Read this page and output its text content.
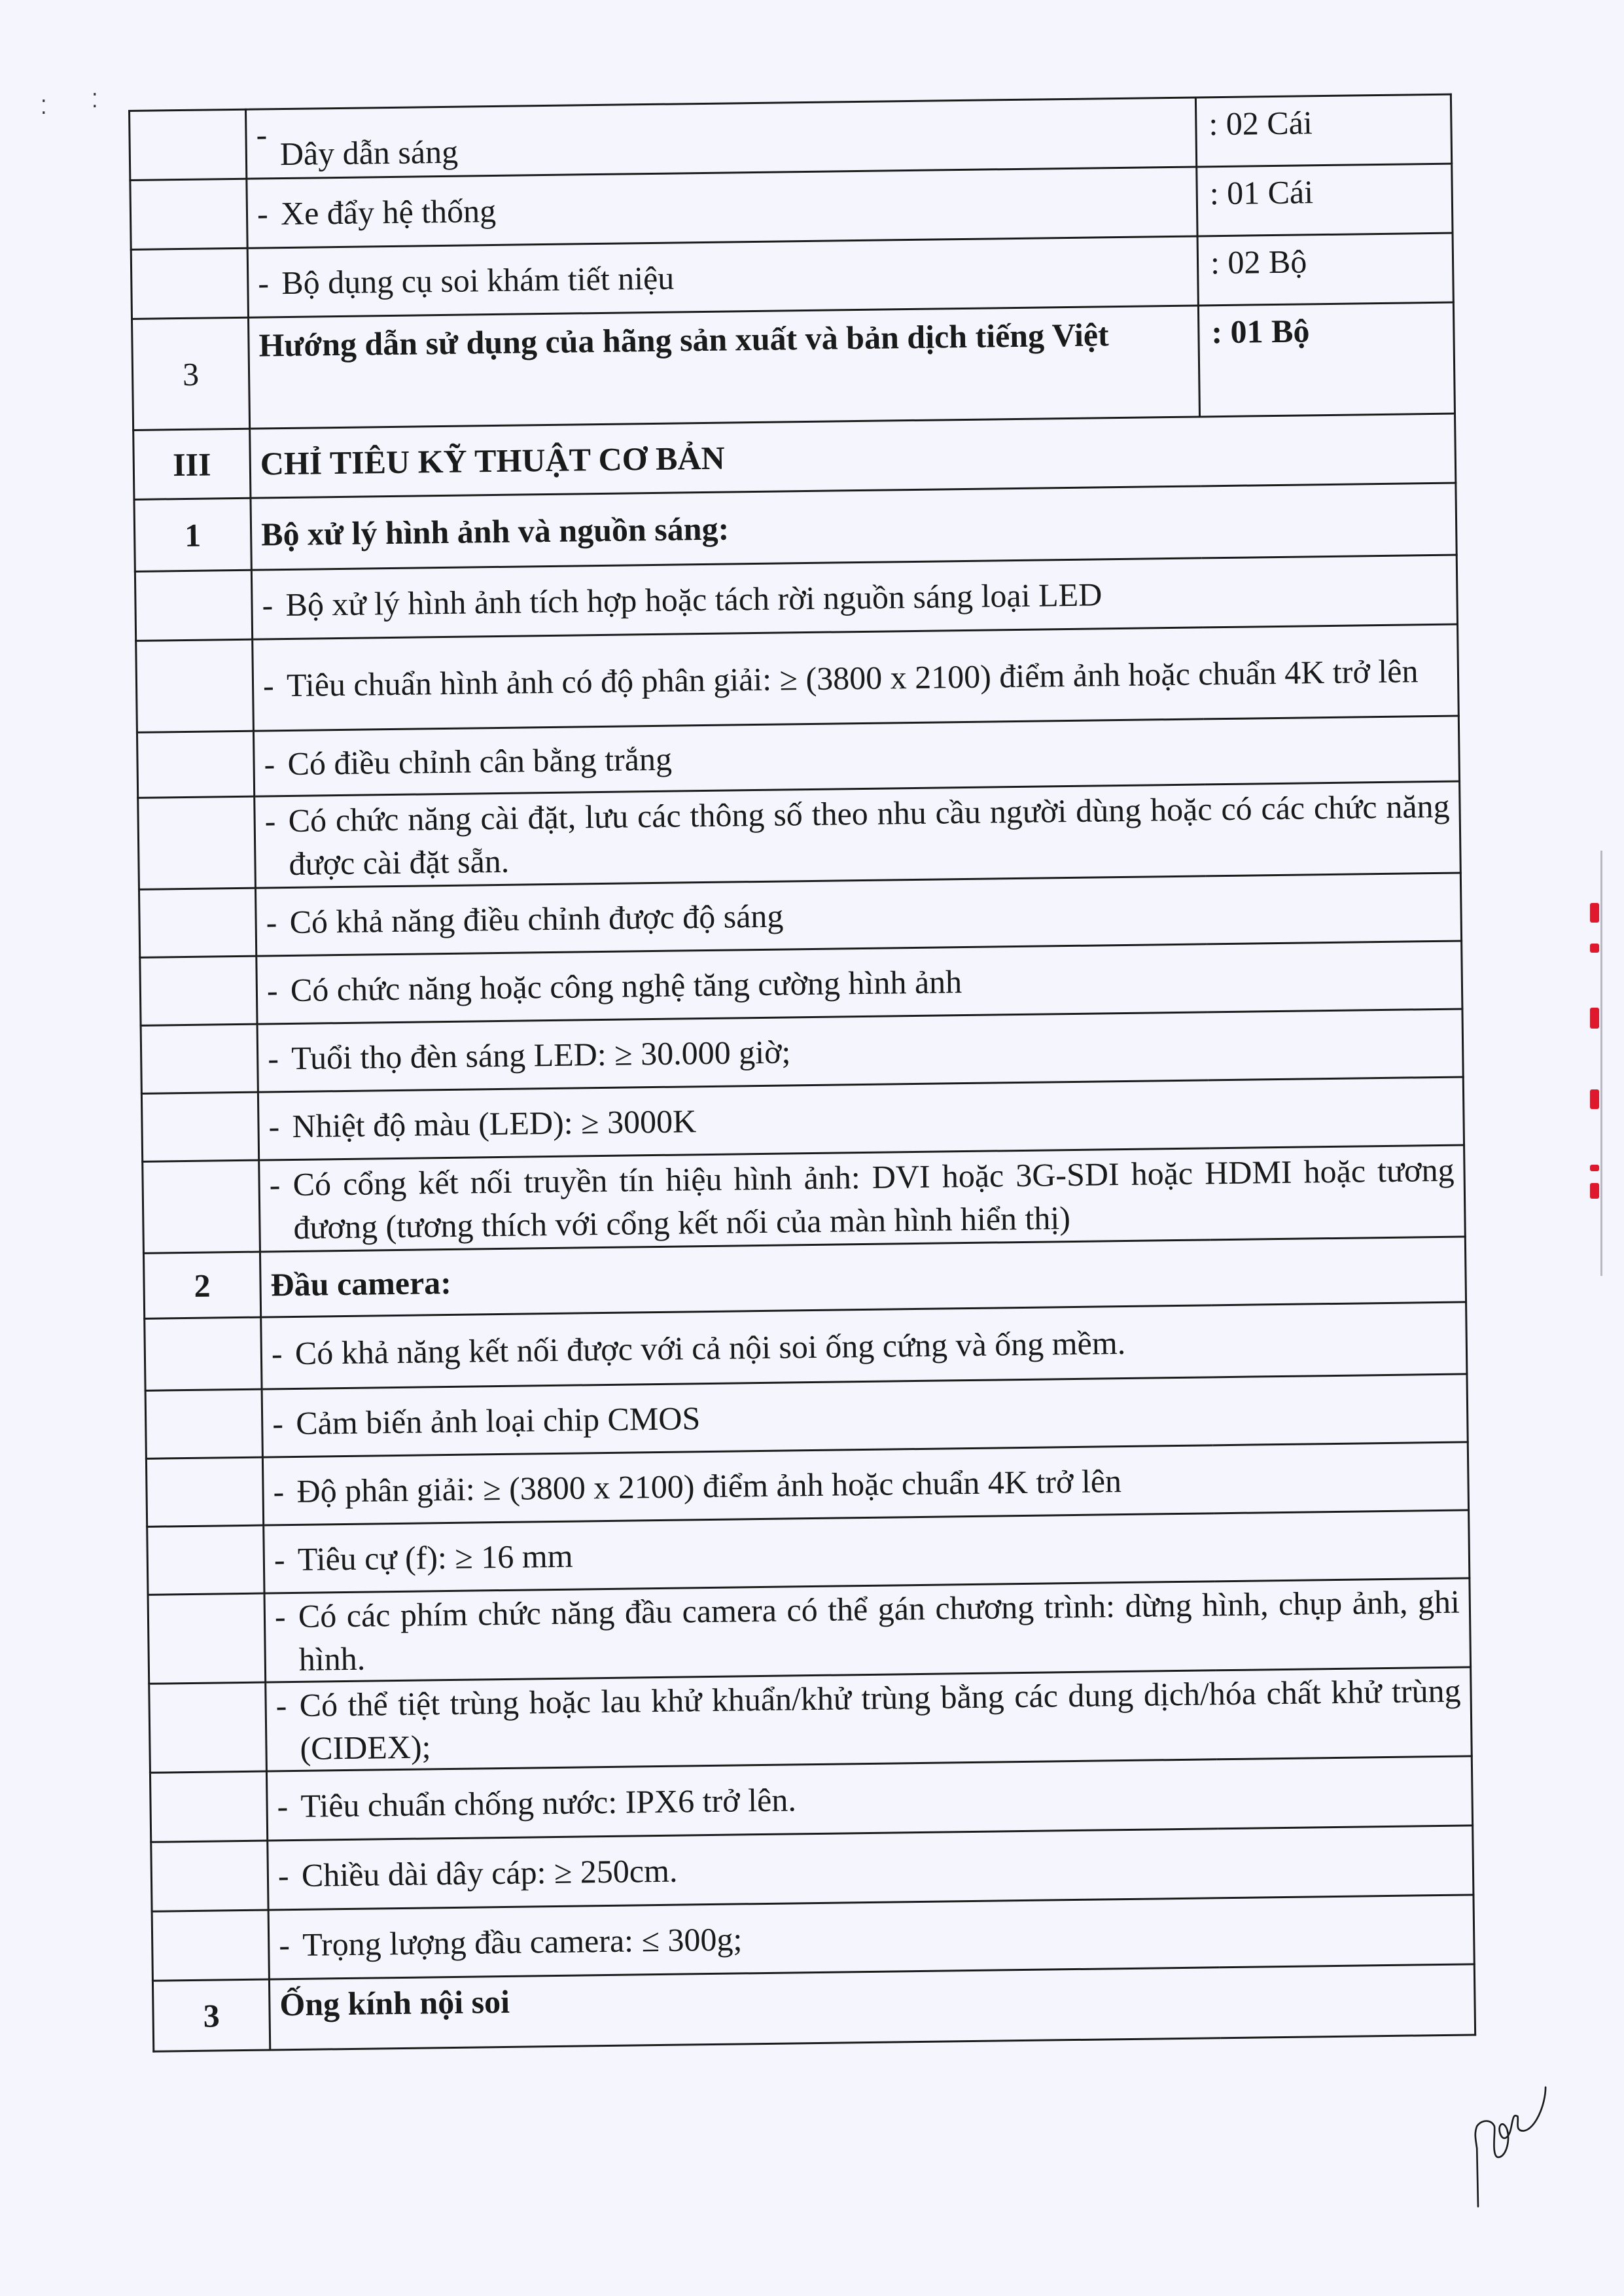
⁚ ⁚

	- Dây dẫn sáng	: 02 Cái

	- Xe đẩy hệ thống	: 01 Cái

	- Bộ dụng cụ soi khám tiết niệu	: 02 Bộ
3	Hướng dẫn sử dụng của hãng sản xuất và bản dịch tiếng Việt	: 01 Bộ
III	CHỈ TIÊU KỸ THUẬT CƠ BẢN	
1	Bộ xử lý hình ảnh và nguồn sáng:	

	- Bộ xử lý hình ảnh tích hợp hoặc tách rời nguồn sáng loại LED	

	- Tiêu chuẩn hình ảnh có độ phân giải: ≥ (3800 x 2100) điểm ảnh hoặc chuẩn 4K trở lên	

	- Có điều chỉnh cân bằng trắng	

	- Có chức năng cài đặt, lưu các thông số theo nhu cầu người dùng hoặc có các chức năng được cài đặt sẵn.	

	- Có khả năng điều chỉnh được độ sáng	

	- Có chức năng hoặc công nghệ tăng cường hình ảnh	

	- Tuổi thọ đèn sáng LED: ≥ 30.000 giờ;	

	- Nhiệt độ màu (LED): ≥ 3000K	

	- Có cổng kết nối truyền tín hiệu hình ảnh: DVI hoặc 3G-SDI hoặc HDMI hoặc tương đương (tương thích với cổng kết nối của màn hình hiển thị)	

2	Đầu camera:	

	- Có khả năng kết nối được với cả nội soi ống cứng và ống mềm.	

	- Cảm biến ảnh loại chip CMOS	

	- Độ phân giải: ≥ (3800 x 2100) điểm ảnh hoặc chuẩn 4K trở lên	

	- Tiêu cự (f): ≥ 16 mm	

	- Có các phím chức năng đầu camera có thể gán chương trình: dừng hình, chụp ảnh, ghi hình.	

	- Có thể tiệt trùng hoặc lau khử khuẩn/khử trùng bằng các dung dịch/hóa chất khử trùng (CIDEX);	

	- Tiêu chuẩn chống nước: IPX6 trở lên.	

	- Chiều dài dây cáp: ≥ 250cm.	

	- Trọng lượng đầu camera: ≤ 300g;	

3	Ống kính nội soi	
